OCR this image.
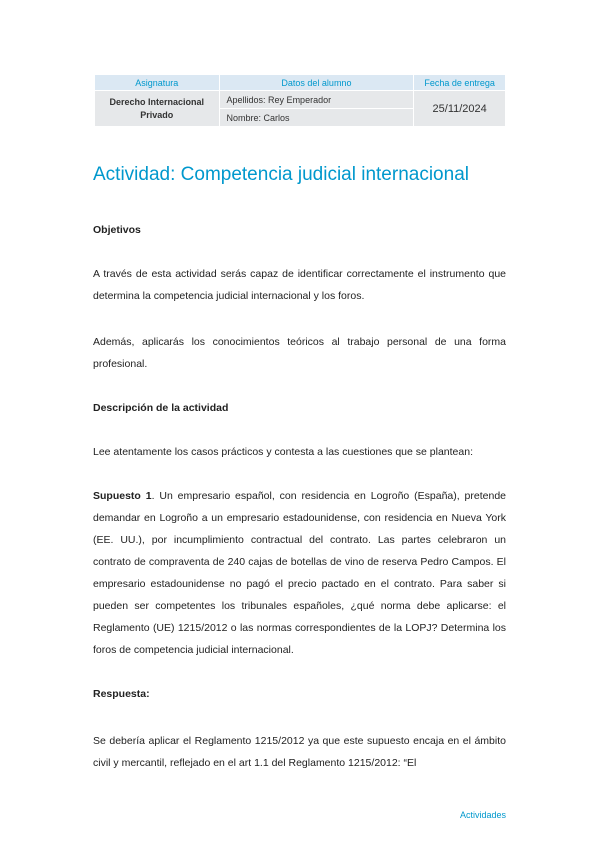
Asignatura	Datos del alumno	Fecha de entrega

Derecho Internacional
Privado	Apellidos: Rey Emperador	25/11/2024
	Nombre: Carlos	
Actividad: Competencia judicial internacional
Objetivos
A través de esta actividad serás capaz de identificar correctamente el instrumento que determina la competencia judicial internacional y los foros.
Además, aplicarás los conocimientos teóricos al trabajo personal de una forma profesional.
Descripción de la actividad
Lee atentamente los casos prácticos y contesta a las cuestiones que se plantean:
Supuesto 1. Un empresario español, con residencia en Logroño (España), pretende demandar en Logroño a un empresario estadounidense, con residencia en Nueva York (EE. UU.), por incumplimiento contractual del contrato. Las partes celebraron un contrato de compraventa de 240 cajas de botellas de vino de reserva Pedro Campos. El empresario estadounidense no pagó el precio pactado en el contrato. Para saber si pueden ser competentes los tribunales españoles, ¿qué norma debe aplicarse: el Reglamento (UE) 1215/2012 o las normas correspondientes de la LOPJ? Determina los foros de competencia judicial internacional.
Respuesta:
Se debería aplicar el Reglamento 1215/2012 ya que este supuesto encaja en el ámbito civil y mercantil, reflejado en el art 1.1 del Reglamento 1215/2012: “El
Actividades
